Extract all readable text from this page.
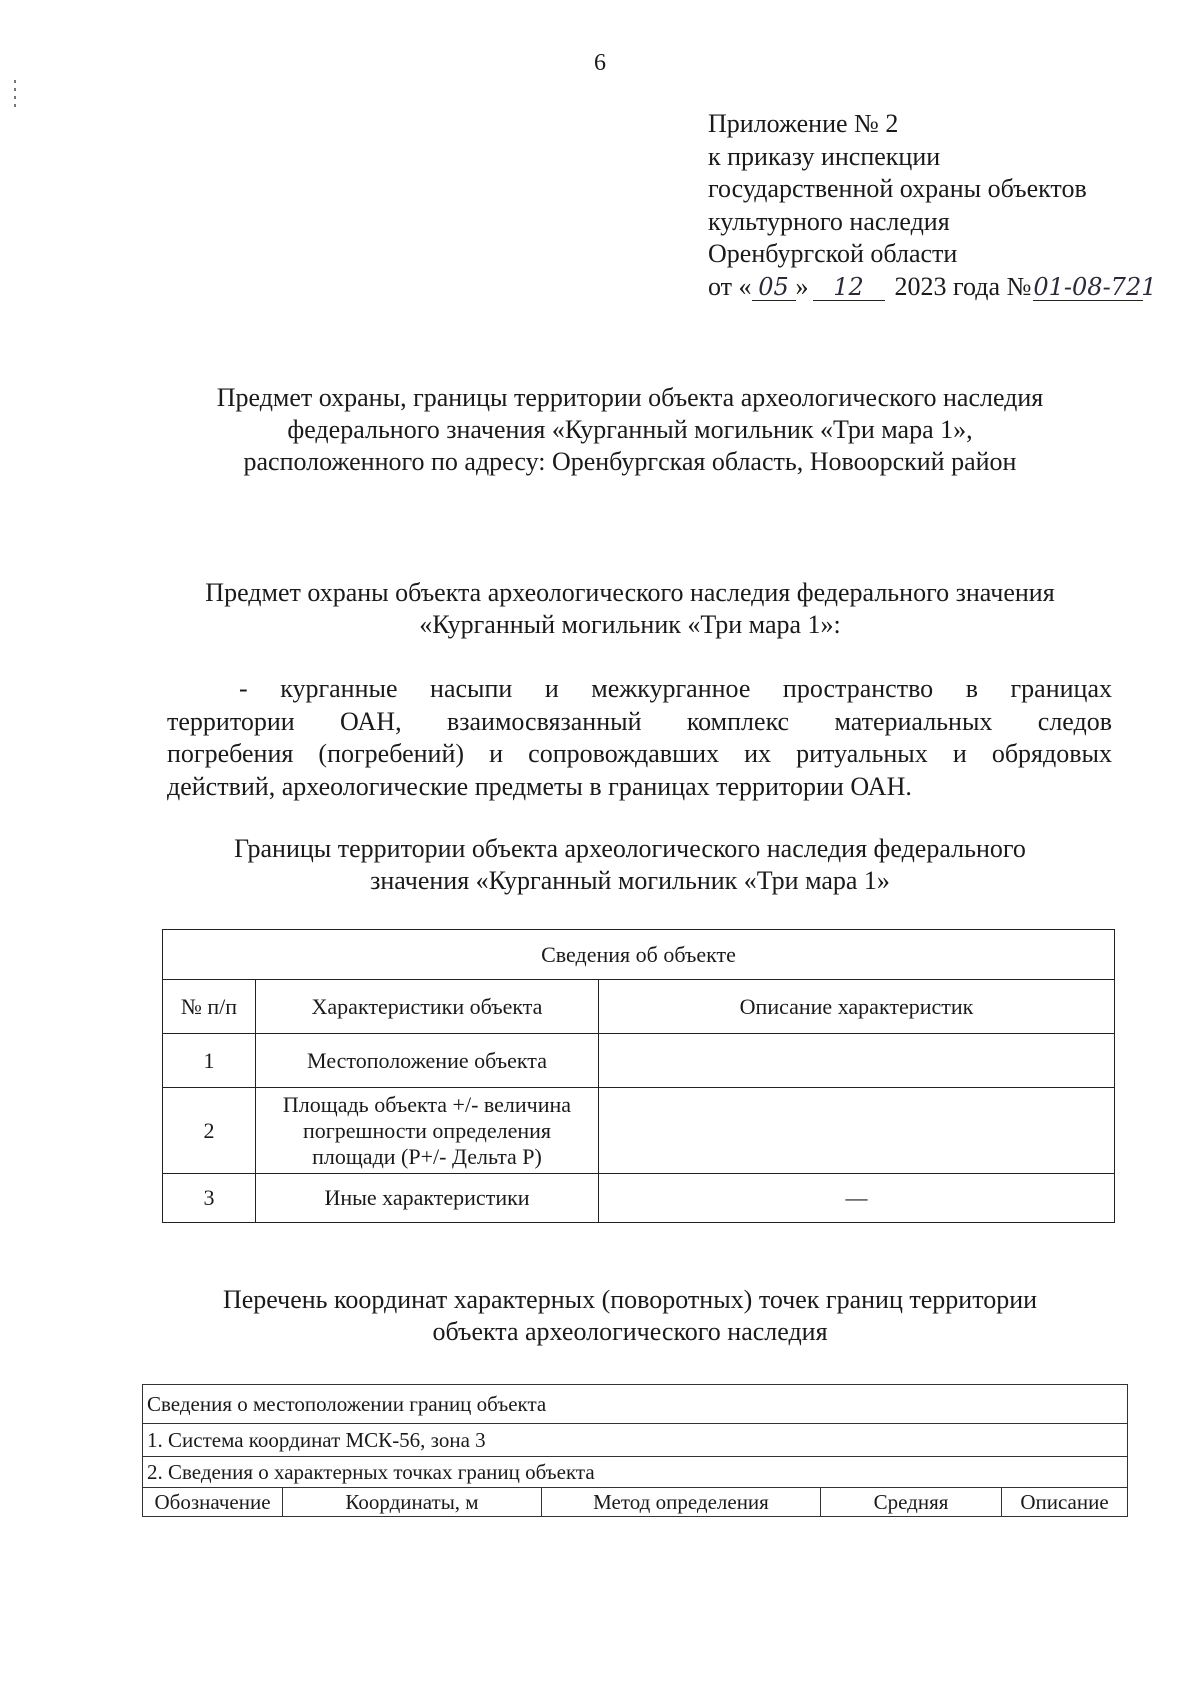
6
Приложение № 2
к приказу инспекции
государственной охраны объектов
культурного наследия
Оренбургской области
от « 05 » 12 2023 года №01-08-721
Предмет охраны, границы территории объекта археологического наследия
федерального значения «Курганный могильник «Три мара 1»,
расположенного по адресу: Оренбургская область, Новоорский район
Предмет охраны объекта археологического наследия федерального значения
«Курганный могильник «Три мара 1»:
- курганные насыпи и межкурганное пространство в границах
территории ОАН, взаимосвязанный комплекс материальных следов
погребения (погребений) и сопровождавших их ритуальных и обрядовых
действий, археологические предметы в границах территории ОАН.
Границы территории объекта археологического наследия федерального
значения «Курганный могильник «Три мара 1»
Сведения об объекте		
№ п/п	Характеристики объекта	Описание характеристик
1	Местоположение объекта	
2	Площадь объекта +/- величина погрешности определения площади (Р+/- Дельта Р)	
3	Иные характеристики	—
Перечень координат характерных (поворотных) точек границ территории
объекта археологического наследия
Сведения о местоположении границ объекта
1. Система координат МСК-56, зона 3
2. Сведения о характерных точках границ объекта
Обозначение	Координаты, м	Метод определения	Средняя	Описание
